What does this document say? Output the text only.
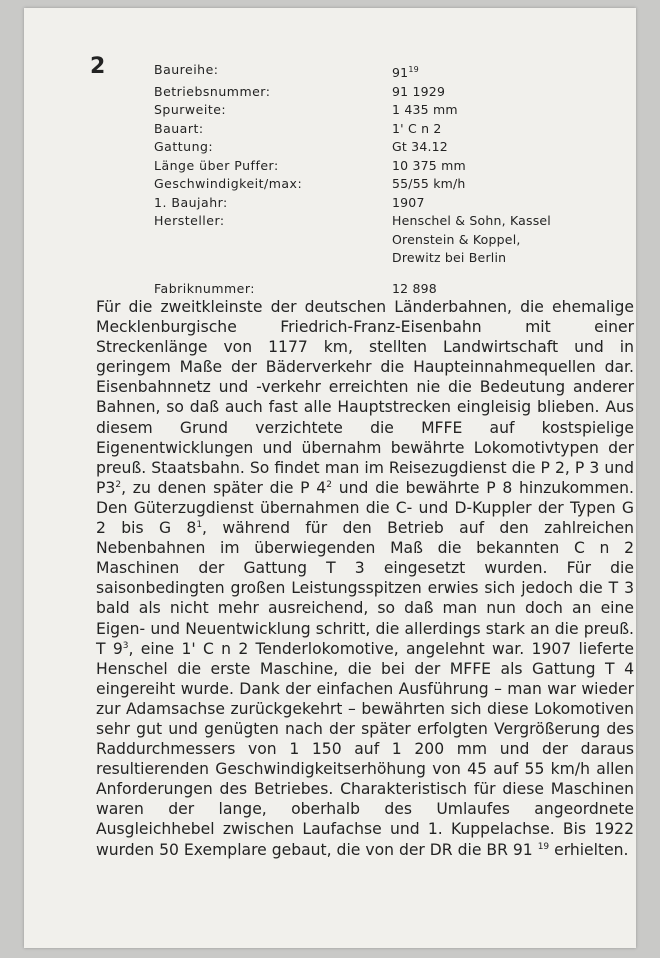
2	Baureihe:	$91^{19}$
Betriebsnummer:	91 1929
Spurweite:	1 435 mm
Bauart:	1' C n 2
Gattung:	Gt 34.12
Länge über Puffer:	10 375 mm
Geschwindigkeit/max:	55/55 km/h
1. Baujahr:	1907
Hersteller:	Henschel & Sohn, Kassel
Orenstein & Koppel,
Drewitz bei Berlin
Fabriknummer:	12 898
Für die zweitkleinste der deutschen Länderbahnen, die ehemalige Mecklenburgische Friedrich-Franz-Eisenbahn mit einer Streckenlänge von 1177 km, stellten Landwirtschaft und in geringem Maße der Bäderverkehr die Haupteinnahmequellen dar. Eisenbahnnetz und -verkehr erreichten nie die Bedeutung anderer Bahnen, so daß auch fast alle Hauptstrecken eingleisig blieben. Aus diesem Grund verzichtete die MFFE auf kostspielige Eigenentwicklungen und übernahm bewährte Lokomotivtypen der preuß. Staatsbahn. So findet man im Reisezugdienst die P 2, P 3 und $P3^2$, zu denen später die P $4^2$ und die bewährte P 8 hinzukommen. Den Güterzugdienst übernahmen die C- und D-Kuppler der Typen G 2 bis G $8^1$, während für den Betrieb auf den zahlreichen Nebenbahnen im überwiegenden Maß die bekannten C n 2 Maschinen der Gattung T 3 eingesetzt wurden. Für die saisonbedingten großen Leistungsspitzen erwies sich jedoch die T 3 bald als nicht mehr ausreichend, so daß man nun doch an eine Eigen- und Neuentwicklung schritt, die allerdings stark an die preuß. T $9^3$, eine 1' C n 2 Tenderlokomotive, angelehnt war. 1907 lieferte Henschel die erste Maschine, die bei der MFFE als Gattung T 4 eingereiht wurde. Dank der einfachen Ausführung – man war wieder zur Adamsachse zurückgekehrt – bewährten sich diese Lokomotiven sehr gut und genügten nach der später erfolgten Vergrößerung des Raddurchmessers von 1 150 auf 1 200 mm und der daraus resultierenden Geschwindigkeitserhöhung von 45 auf 55 km/h allen Anforderungen des Betriebes. Charakteristisch für diese Maschinen waren der lange, oberhalb des Umlaufes angeordnete Ausgleichhebel zwischen Laufachse und 1. Kuppelachse. Bis 1922 wurden 50 Exemplare gebaut, die von der DR die BR 91 $^{19}$ erhielten.
